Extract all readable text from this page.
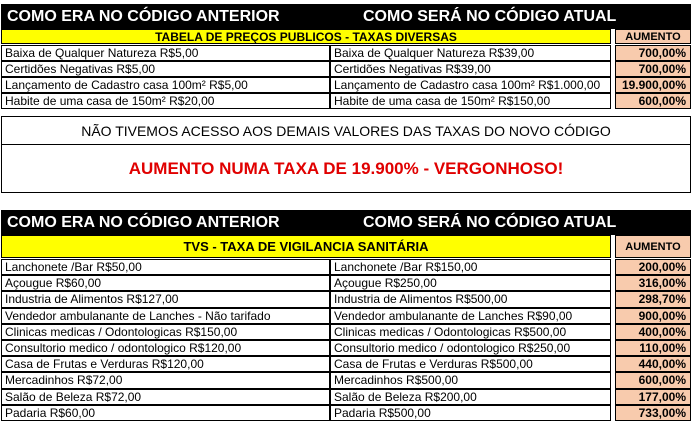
COMO ERA NO CÓDIGO ANTERIOR	COMO SERÁ NO CÓDIGO ATUAL
TABELA DE PREÇOS PUBLICOS - TAXAS DIVERSAS	AUMENTO
Baixa de Qualquer Natureza R$5,00	Baixa de Qualquer Natureza R$39,00	700,00%
Certidões Negativas R$5,00	Certidões Negativas R$39,00	700,00%
Lançamento de Cadastro casa 100m² R$5,00	Lançamento de Cadastro casa 100m² R$1.000,00	19.900,00%
Habite de uma casa de 150m² R$20,00	Habite de uma casa de 150m² R$150,00	600,00%
NÃO TIVEMOS ACESSO AOS DEMAIS VALORES DAS TAXAS DO NOVO CÓDIGO
AUMENTO NUMA TAXA DE 19.900% - VERGONHOSO!
COMO ERA NO CÓDIGO ANTERIOR	COMO SERÁ NO CÓDIGO ATUAL
TVS - TAXA DE VIGILANCIA SANITÁRIA	AUMENTO
Lanchonete /Bar R$50,00	Lanchonete /Bar R$150,00	200,00%
Açougue R$60,00	Açougue R$250,00	316,00%
Industria de Alimentos R$127,00	Industria de Alimentos R$500,00	298,70%
Vendedor ambulanante de Lanches - Não tarifado	Vendedor ambulanante de Lanches R$90,00	900,00%
Clinicas medicas / Odontologicas R$150,00	Clinicas medicas / Odontologicas R$500,00	400,00%
Consultorio medico / odontologico R$120,00	Consultorio medico / odontologico R$250,00	110,00%
Casa de Frutas e Verduras R$120,00	Casa de Frutas e Verduras R$500,00	440,00%
Mercadinhos R$72,00	Mercadinhos R$500,00	600,00%
Salão de Beleza R$72,00	Salão de Beleza R$200,00	177,00%
Padaria R$60,00	Padaria R$500,00	733,00%
